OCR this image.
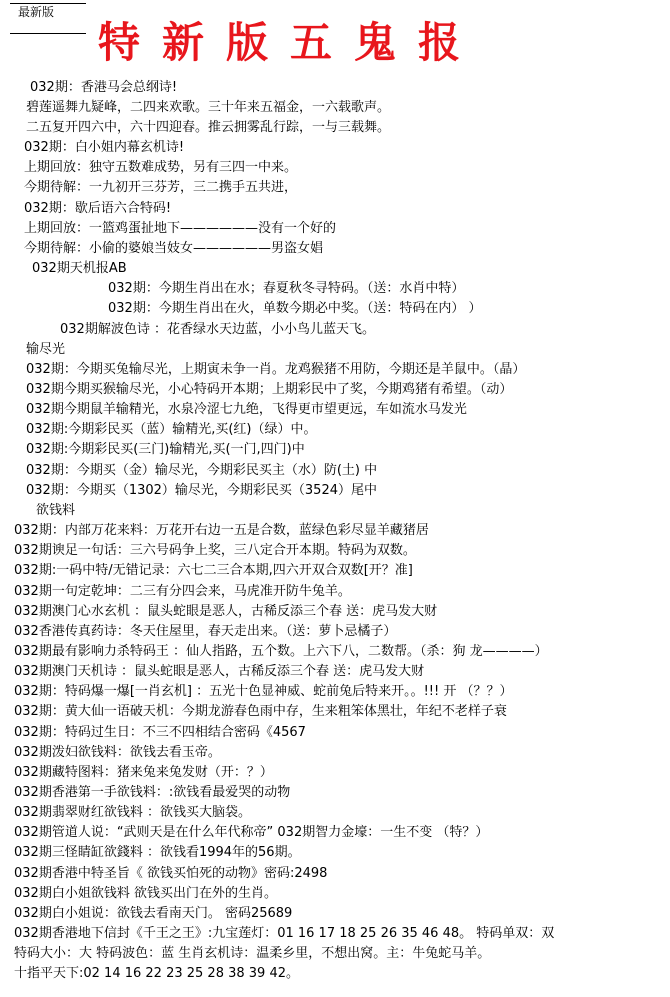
最新版
特新版五鬼报
032期：香港马会总纲诗!
碧莲遥舞九疑峰，二四来欢歌。三十年来五福金，一六载歌声。
二五复开四六中，六十四迎春。推云拥雾乱行踪，一与三载舞。
032期：白小姐内幕玄机诗!
上期回放：独守五数难成势，另有三四一中来。
今期待解：一九初开三芬芳，三二携手五共进，
032期：歇后语六合特码!
上期回放：一篮鸡蛋扯地下——————没有一个好的
今期待解：小偷的婆娘当妓女——————男盗女娼
032期天机报AB
032期：今期生肖出在水；春夏秋冬寻特码。（送：水肖中特）
032期：今期生肖出在火，单数今期必中奖。（送：特码在内） ）
032期解波色诗 ：花香绿水天边蓝，小小鸟儿蓝天飞。
输尽光
032期：今期买兔输尽光，上期寅未争一肖。龙鸡猴猪不用防，今期还是羊鼠中。（晶）
032期今期买猴输尽光，小心特码开本期；上期彩民中了奖，今期鸡猪有希望。（动）
032期今期鼠羊输精光，水泉冷涩七九绝，飞得更市望更远，车如流水马发光
032期:今期彩民买（蓝）输精光,买(红)（绿）中。
032期:今期彩民买(三门)输精光,买(一门,四门)中
032期：今期买（金）输尽光，今期彩民买主（水）防(土) 中
032期：今期买（1302）输尽光，今期彩民买（3524）尾中
欲钱料
032期：内部万花来料：万花开右边一五是合数，蓝绿色彩尽显羊藏猪居
032期谀足一句话：三六号码争上奖，三八定合开本期。特码为双数。
032期:一码中特/无错记录：六七二三合本期,四六开双合双数[开？准]
032期一句定乾坤：二三有分四会来，马虎准开防牛兔羊。
032期澳门心水玄机 ：鼠头蛇眼是恶人，古稀反添三个春 送：虎马发大财
032香港传真药诗：冬天住屋里，春天走出来。（送：萝卜忌橘子）
032期最有影响力杀特码王 ：仙人指路，五个数。上六下八，二数帮。（杀：狗 龙————）
032期澳门天机诗 ：鼠头蛇眼是恶人，古稀反添三个春 送：虎马发大财
032期：特码爆一爆[一肖玄机] ：五光十色显神威、蛇前兔后特来开。。!!! 开 （？？）
032期：黄大仙一语破天机：今期龙游春色雨中存，生来粗笨体黑壮，年纪不老样子衰
032期：特码过生日：不三不四相结合密码《4567
032期泼妇欲钱料：欲钱去看玉帝。
032期藏特图料：猪来兔来兔发财（开：？）
032期香港第一手欲钱料：:欲钱看最爱哭的动物
032期翡翠财红欲钱料 ：欲钱买大脑袋。
032期管道人说：“武则天是在什么年代称帝” 032期智力金壕：一生不变 （特？）
032期三怪睛缸欲錢料 ：欲钱看1994年的56期。
032期香港中特圣旨《 欲钱买怕死的动物》密码:2498
032期白小姐欲钱料 欲钱买出门在外的生肖。
032期白小姐说：欲钱去看南天门。 密码25689
032期香港地下信封《千王之王》:九宝莲灯：01 16 17 18 25 26 35 46 48。 特码单双：双
特码大小：大 特码波色：蓝 生肖玄机诗：温柔乡里，不想出窝。主：牛兔蛇马羊。
十指平天下:02 14 16 22 23 25 28 38 39 42。
